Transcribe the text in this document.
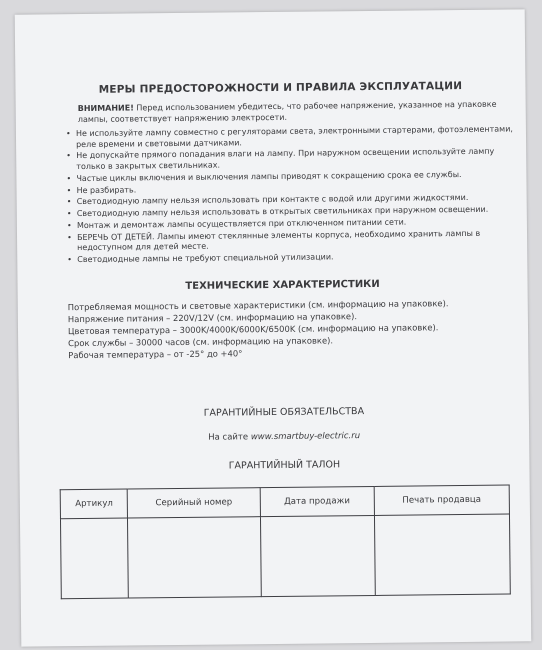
МЕРЫ ПРЕДОСТОРОЖНОСТИ И ПРАВИЛА ЭКСПЛУАТАЦИИ
ВНИМАНИЕ! Перед использованием убедитесь, что рабочее напряжение, указанное на упаковке лампы, соответствует напряжению электросети.
• Не используйте лампу совместно с регуляторами света, электронными стартерами, фотоэлементами, реле времени и световыми датчиками.
• Не допускайте прямого попадания влаги на лампу. При наружном освещении используйте лампу только в закрытых светильниках.
• Частые циклы включения и выключения лампы приводят к сокращению срока ее службы.
• Не разбирать.
• Светодиодную лампу нельзя использовать при контакте с водой или другими жидкостями.
• Светодиодную лампу нельзя использовать в открытых светильниках при наружном освещении.
• Монтаж и демонтаж лампы осуществляется при отключенном питании сети.
• БЕРЕЧЬ ОТ ДЕТЕЙ. Лампы имеют стеклянные элементы корпуса, необходимо хранить лампы в недоступном для детей месте.
• Светодиодные лампы не требуют специальной утилизации.
ТЕХНИЧЕСКИЕ ХАРАКТЕРИСТИКИ
Потребляемая мощность и световые характеристики (см. информацию на упаковке).
Напряжение питания – 220V/12V (см. информацию на упаковке).
Цветовая температура – 3000K/4000K/6000K/6500K (см. информацию на упаковке).
Срок службы – 30000 часов (см. информацию на упаковке).
Рабочая температура – от -25° до +40°
ГАРАНТИЙНЫЕ ОБЯЗАТЕЛЬСТВА
На сайте www.smartbuy-electric.ru
ГАРАНТИЙНЫЙ ТАЛОН
Артикул	Серийный номер	Дата продажи	Печать продавца
